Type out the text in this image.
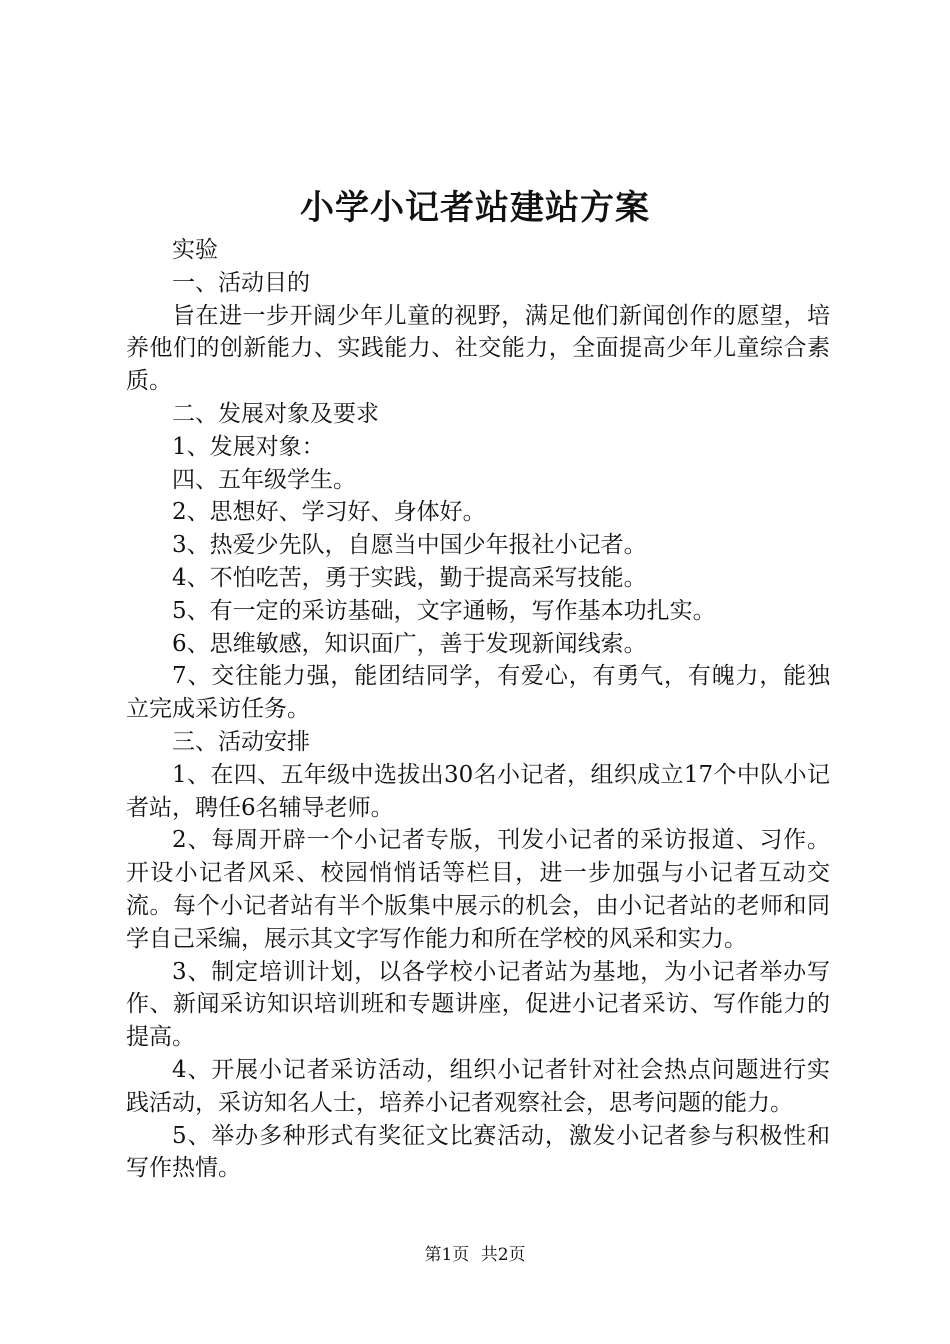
小学小记者站建站方案

实验

一、活动目的

旨在进一步开阔少年儿童的视野，满足他们新闻创作的愿望，培养他们的创新能力、实践能力、社交能力，全面提高少年儿童综合素质。

二、发展对象及要求

1、发展对象：

四、五年级学生。

2、思想好、学习好、身体好。

3、热爱少先队，自愿当中国少年报社小记者。

4、不怕吃苦，勇于实践，勤于提高采写技能。

5、有一定的采访基础，文字通畅，写作基本功扎实。

6、思维敏感，知识面广，善于发现新闻线索。

7、交往能力强，能团结同学，有爱心，有勇气，有魄力，能独立完成采访任务。

三、活动安排

1、在四、五年级中选拔出30名小记者，组织成立17个中队小记者站，聘任6名辅导老师。

2、每周开辟一个小记者专版，刊发小记者的采访报道、习作。开设小记者风采、校园悄悄话等栏目，进一步加强与小记者互动交流。每个小记者站有半个版集中展示的机会，由小记者站的老师和同学自己采编，展示其文字写作能力和所在学校的风采和实力。

3、制定培训计划，以各学校小记者站为基地，为小记者举办写作、新闻采访知识培训班和专题讲座，促进小记者采访、写作能力的提高。

4、开展小记者采访活动，组织小记者针对社会热点问题进行实践活动，采访知名人士，培养小记者观察社会，思考问题的能力。

5、举办多种形式有奖征文比赛活动，激发小记者参与积极性和写作热情。

第1页 共2页
